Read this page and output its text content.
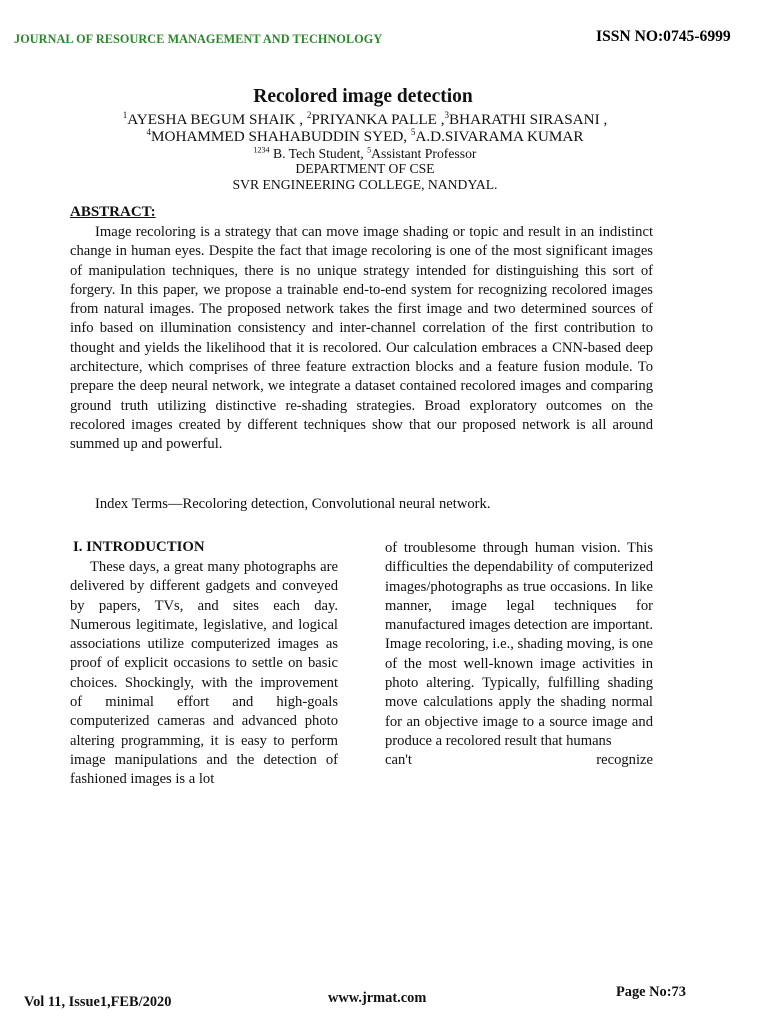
JOURNAL OF RESOURCE MANAGEMENT AND TECHNOLOGY	ISSN NO:0745-6999
Recolored image detection
$^1$AYESHA BEGUM SHAIK , $^2$PRIYANKA PALLE ,$^3$BHARATHI SIRASANI ,
$^4$MOHAMMED SHAHABUDDIN SYED, $^5$A.D.SIVARAMA KUMAR
$^{1234}$ B. Tech Student, $^5$Assistant Professor
DEPARTMENT OF CSE
SVR ENGINEERING COLLEGE, NANDYAL.
ABSTRACT:

Image recoloring is a strategy that can move image shading or topic and result in an indistinct change in human eyes. Despite the fact that image recoloring is one of the most significant images of manipulation techniques, there is no unique strategy intended for distinguishing this sort of forgery. In this paper, we propose a trainable end-to-end system for recognizing recolored images from natural images. The proposed network takes the first image and two determined sources of info based on illumination consistency and inter-channel correlation of the first contribution to thought and yields the likelihood that it is recolored. Our calculation embraces a CNN-based deep architecture, which comprises of three feature extraction blocks and a feature fusion module. To prepare the deep neural network, we integrate a dataset contained recolored images and comparing ground truth utilizing distinctive re-shading strategies. Broad exploratory outcomes on the recolored images created by different techniques show that our proposed network is all around summed up and powerful.

Index Terms—Recoloring detection, Convolutional neural network.
I. INTRODUCTION

These days, a great many photographs are delivered by different gadgets and conveyed by papers, TVs, and sites each day. Numerous legitimate, legislative, and logical associations utilize computerized images as proof of explicit occasions to settle on basic choices. Shockingly, with the improvement of minimal effort and high-goals computerized cameras and advanced photo altering programming, it is easy to perform image manipulations and the detection of fashioned images is a lot

of troublesome through human vision. This difficulties the dependability of computerized images/photographs as true occasions. In like manner, image legal techniques for manufactured images detection are important. Image recoloring, i.e., shading moving, is one of the most well-known image activities in photo altering. Typically, fulfilling shading move calculations apply the shading normal for an objective image to a source image and produce a recolored result that humans
can't recognize
Vol 11, Issue1,FEB/2020	www.jrmat.com	Page No:73
